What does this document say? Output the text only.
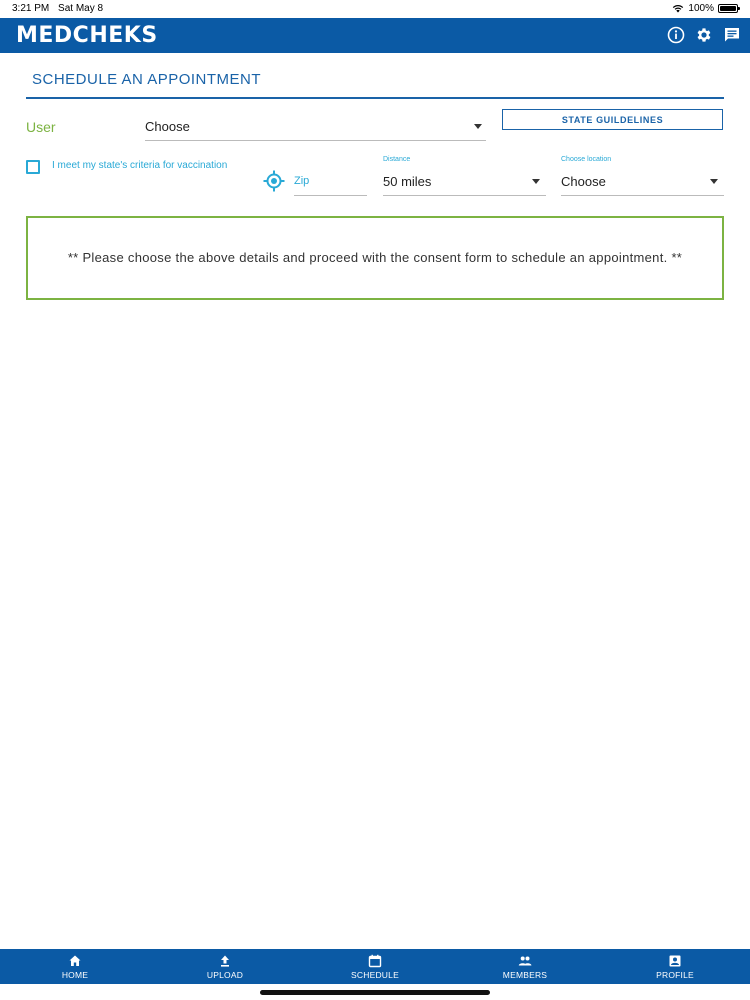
3:21 PM Sat May 8	100%
MEDCHEKS
SCHEDULE AN APPOINTMENT
User	Choose	STATE GUILDELINES
I meet my state's criteria for vaccination
Zip
Distance
50 miles
Choose location
Choose

** Please choose the above details and proceed with the consent form to schedule an appointment. **

HOME	UPLOAD	SCHEDULE	MEMBERS	PROFILE
